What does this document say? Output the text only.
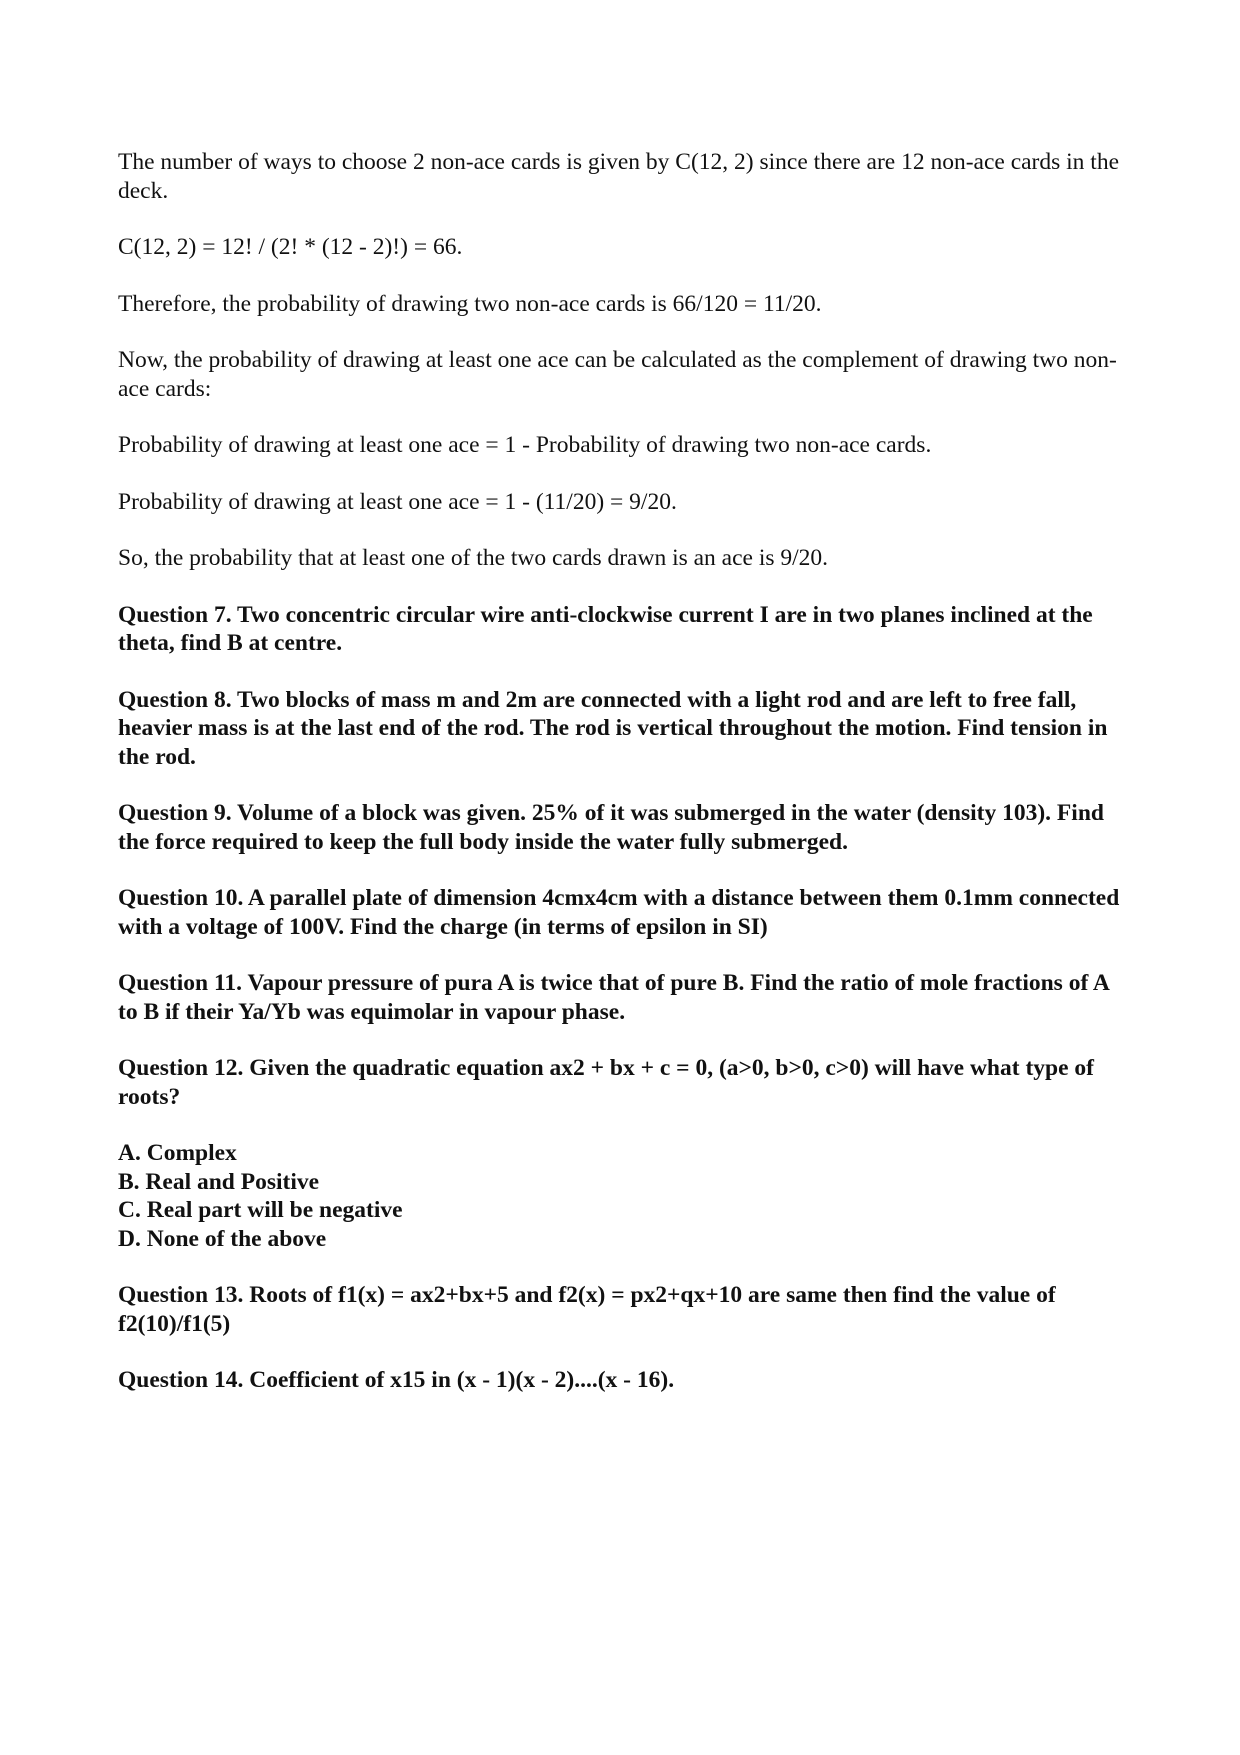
The number of ways to choose 2 non-ace cards is given by C(12, 2) since there are 12 non-ace cards in the deck.

C(12, 2) = 12! / (2! * (12 - 2)!) = 66.

Therefore, the probability of drawing two non-ace cards is 66/120 = 11/20.

Now, the probability of drawing at least one ace can be calculated as the complement of drawing two non-ace cards:

Probability of drawing at least one ace = 1 - Probability of drawing two non-ace cards.

Probability of drawing at least one ace = 1 - (11/20) = 9/20.

So, the probability that at least one of the two cards drawn is an ace is 9/20.

Question 7. Two concentric circular wire anti-clockwise current I are in two planes inclined at the theta, find B at centre.

Question 8. Two blocks of mass m and 2m are connected with a light rod and are left to free fall, heavier mass is at the last end of the rod. The rod is vertical throughout the motion. Find tension in the rod.

Question 9. Volume of a block was given. 25% of it was submerged in the water (density 103). Find the force required to keep the full body inside the water fully submerged.

Question 10. A parallel plate of dimension 4cmx4cm with a distance between them 0.1mm connected with a voltage of 100V. Find the charge (in terms of epsilon in SI)

Question 11. Vapour pressure of pura A is twice that of pure B. Find the ratio of mole fractions of A to B if their Ya/Yb was equimolar in vapour phase.

Question 12. Given the quadratic equation ax2 + bx + c = 0, (a>0, b>0, c>0) will have what type of roots?

A. Complex
B. Real and Positive
C. Real part will be negative
D. None of the above

Question 13. Roots of f1(x) = ax2+bx+5 and f2(x) = px2+qx+10 are same then find the value of f2(10)/f1(5)

Question 14. Coefficient of x15 in (x - 1)(x - 2)....(x - 16).
